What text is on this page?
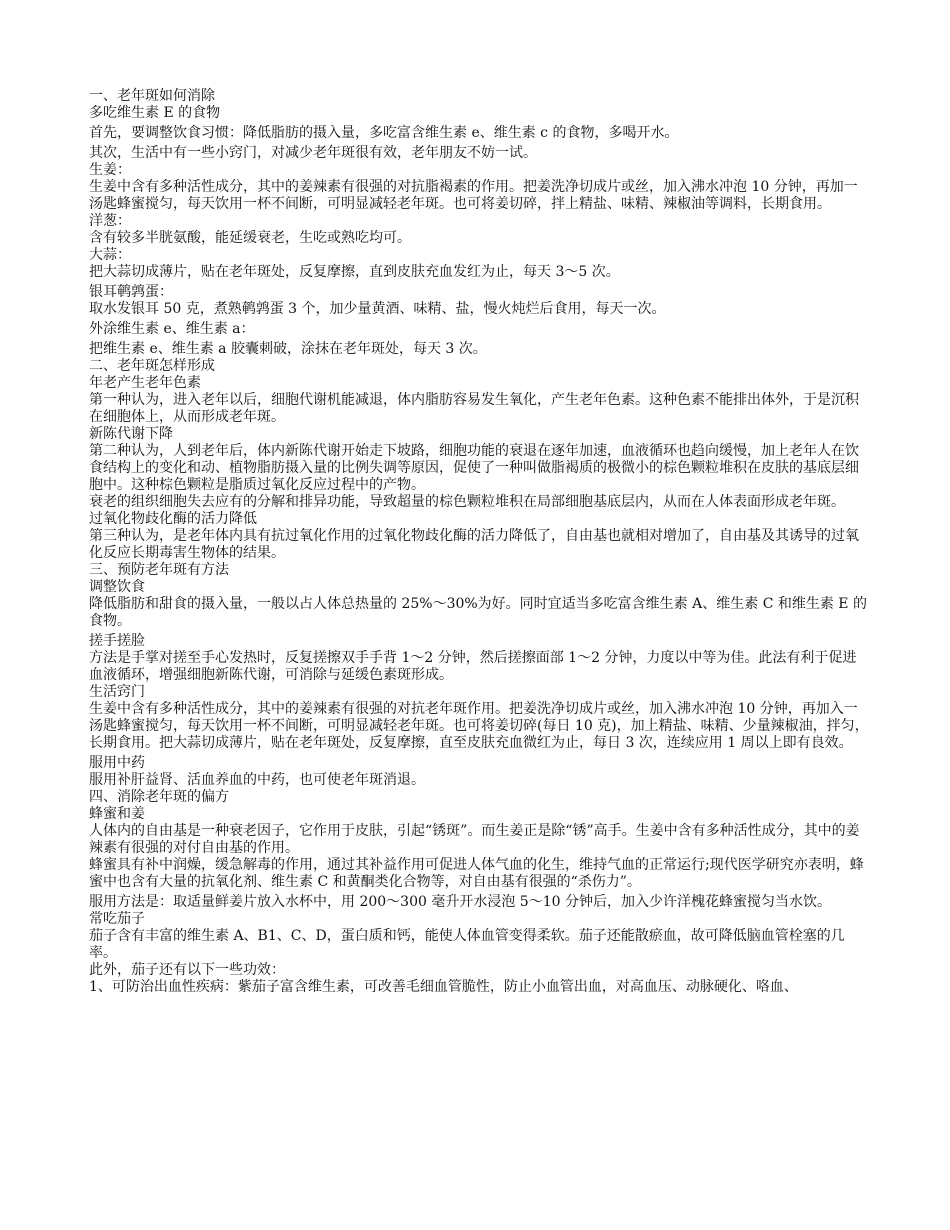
一、老年斑如何消除

多吃维生素 E 的食物

首先，要调整饮食习惯：降低脂肪的摄入量，多吃富含维生素 e、维生素 c 的食物，多喝开水。

其次，生活中有一些小窍门，对减少老年斑很有效，老年朋友不妨一试。

生姜：

生姜中含有多种活性成分，其中的姜辣素有很强的对抗脂褐素的作用。把姜洗净切成片或丝，加入沸水冲泡 10 分钟，再加一汤匙蜂蜜搅匀，每天饮用一杯不间断，可明显减轻老年斑。也可将姜切碎，拌上精盐、味精、辣椒油等调料，长期食用。

洋葱：

含有较多半胱氨酸，能延缓衰老，生吃或熟吃均可。

大蒜：

把大蒜切成薄片，贴在老年斑处，反复摩擦，直到皮肤充血发红为止，每天 3～5 次。

银耳鹌鹑蛋：

取水发银耳 50 克，煮熟鹌鹑蛋 3 个，加少量黄酒、味精、盐，慢火炖烂后食用，每天一次。

外涂维生素 e、维生素 a：

把维生素 e、维生素 a 胶囊刺破，涂抹在老年斑处，每天 3 次。

二、老年斑怎样形成

年老产生老年色素

第一种认为，进入老年以后，细胞代谢机能减退，体内脂肪容易发生氧化，产生老年色素。这种色素不能排出体外，于是沉积在细胞体上，从而形成老年斑。

新陈代谢下降

第二种认为，人到老年后，体内新陈代谢开始走下坡路，细胞功能的衰退在逐年加速，血液循环也趋向缓慢，加上老年人在饮食结构上的变化和动、植物脂肪摄入量的比例失调等原因，促使了一种叫做脂褐质的极微小的棕色颗粒堆积在皮肤的基底层细胞中。这种棕色颗粒是脂质过氧化反应过程中的产物。

衰老的组织细胞失去应有的分解和排异功能，导致超量的棕色颗粒堆积在局部细胞基底层内，从而在人体表面形成老年斑。

过氧化物歧化酶的活力降低

第三种认为，是老年体内具有抗过氧化作用的过氧化物歧化酶的活力降低了，自由基也就相对增加了，自由基及其诱导的过氧化反应长期毒害生物体的结果。

三、预防老年斑有方法

调整饮食

降低脂肪和甜食的摄入量，一般以占人体总热量的 25%～30%为好。同时宜适当多吃富含维生素 A、维生素 C 和维生素 E 的食物。

搓手搓脸

方法是手掌对搓至手心发热时，反复搓擦双手手背 1～2 分钟，然后搓擦面部 1～2 分钟，力度以中等为佳。此法有利于促进血液循环，增强细胞新陈代谢，可消除与延缓色素斑形成。

生活窍门

生姜中含有多种活性成分，其中的姜辣素有很强的对抗老年斑作用。把姜洗净切成片或丝，加入沸水冲泡 10 分钟，再加入一汤匙蜂蜜搅匀，每天饮用一杯不间断，可明显减轻老年斑。也可将姜切碎(每日 10 克)，加上精盐、味精、少量辣椒油，拌匀，长期食用。把大蒜切成薄片，贴在老年斑处，反复摩擦，直至皮肤充血微红为止，每日 3 次，连续应用 1 周以上即有良效。

服用中药

服用补肝益肾、活血养血的中药，也可使老年斑消退。

四、消除老年斑的偏方

蜂蜜和姜

人体内的自由基是一种衰老因子，它作用于皮肤，引起“锈斑”。而生姜正是除“锈”高手。生姜中含有多种活性成分，其中的姜辣素有很强的对付自由基的作用。

蜂蜜具有补中润燥，缓急解毒的作用，通过其补益作用可促进人体气血的化生，维持气血的正常运行;现代医学研究亦表明，蜂蜜中也含有大量的抗氧化剂、维生素 C 和黄酮类化合物等，对自由基有很强的“杀伤力”。

服用方法是：取适量鲜姜片放入水杯中，用 200～300 毫升开水浸泡 5～10 分钟后，加入少许洋槐花蜂蜜搅匀当水饮。

常吃茄子

茄子含有丰富的维生素 A、B1、C、D，蛋白质和钙，能使人体血管变得柔软。茄子还能散瘀血，故可降低脑血管栓塞的几率。

此外，茄子还有以下一些功效：

1、可防治出血性疾病：紫茄子富含维生素，可改善毛细血管脆性，防止小血管出血，对高血压、动脉硬化、咯血、
